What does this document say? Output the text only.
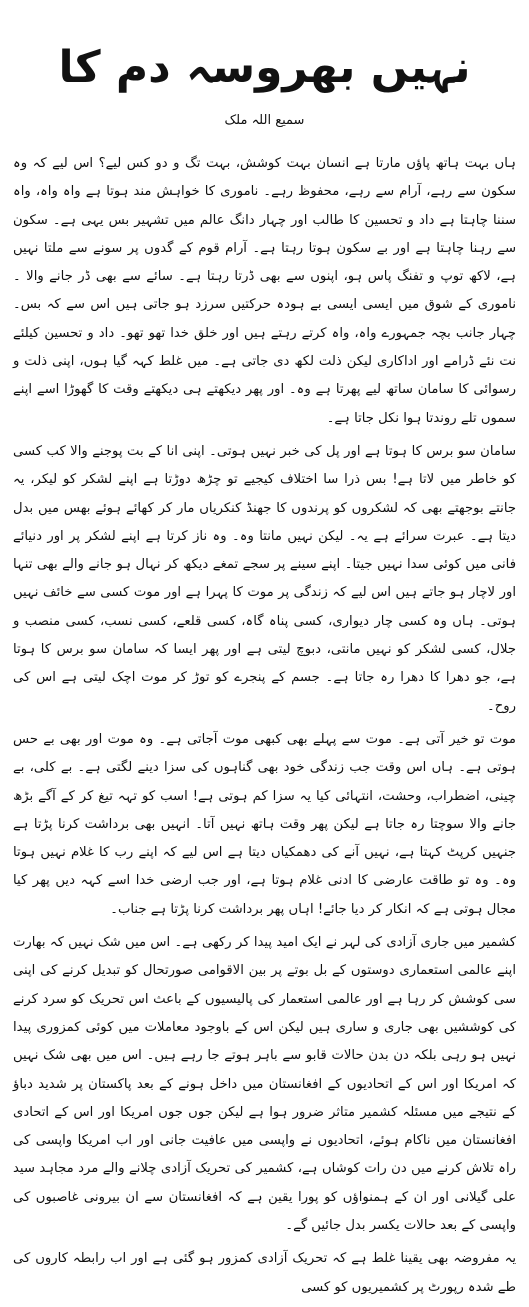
نہیں بھروسہ دم کا
سمیع اللہ ملک

ہاں بہت ہاتھ پاؤں مارتا ہے انسان بہت کوشش، بہت تگ و دو کس لیے؟ اس لیے کہ وہ سکون سے رہے، آرام سے رہے، محفوظ رہے۔ ناموری کا خواہش مند ہوتا ہے واہ واہ، واہ سننا چاہتا ہے داد و تحسین کا طالب اور چہار دانگ عالم میں تشہیر بس یہی ہے۔ سکون سے رہنا چاہتا ہے اور بے سکون ہوتا رہتا ہے۔ آرام قوم کے گدوں پر سونے سے ملتا نہیں ہے، لاکھ توپ و تفنگ پاس ہو، اپنوں سے بھی ڈرتا رہتا ہے۔ سائے سے بھی ڈر جانے والا ۔ ناموری کے شوق میں ایسی ایسی بے ہودہ حرکتیں سرزد ہو جاتی ہیں اس سے کہ بس۔ چہار جانب بچہ جمہورے واہ، واہ کرتے رہتے ہیں اور خلق خدا تھو تھو۔ داد و تحسین کیلئے نت نئے ڈرامے اور اداکاری لیکن ذلت لکھ دی جاتی ہے۔ میں غلط کہہ گیا ہوں، اپنی ذلت و رسوائی کا سامان ساتھ لیے پھرتا ہے وہ۔ اور پھر دیکھتے ہی دیکھتے وقت کا گھوڑا اسے اپنے سموں تلے روندتا ہوا نکل جاتا ہے۔

سامان سو برس کا ہوتا ہے اور پل کی خبر نہیں ہوتی۔ اپنی انا کے بت پوجنے والا کب کسی کو خاطر میں لاتا ہے! بس ذرا سا اختلاف کیجیے تو چڑھ دوڑتا ہے اپنے لشکر کو لیکر، یہ جانتے بوجھتے بھی کہ لشکروں کو پرندوں کا جھنڈ کنکریاں مار کر کھائے ہوئے بھس میں بدل دیتا ہے۔ عبرت سرائے ہے یہ۔ لیکن نہیں مانتا وہ۔ وہ ناز کرتا ہے اپنے لشکر پر اور دنیائے فانی میں کوئی سدا نہیں جیتا۔ اپنے سینے پر سجے تمغے دیکھ کر نہال ہو جانے والے بھی تنہا اور لاچار ہو جاتے ہیں اس لیے کہ زندگی پر موت کا پہرا ہے اور موت کسی سے خائف نہیں ہوتی۔ ہاں وہ کسی چار دیواری، کسی پناہ گاہ، کسی قلعے، کسی نسب، کسی منصب و جلال، کسی لشکر کو نہیں مانتی، دبوچ لیتی ہے اور پھر ایسا کہ سامان سو برس کا ہوتا ہے، جو دھرا کا دھرا رہ جاتا ہے۔ جسم کے پنجرے کو توڑ کر موت اچک لیتی ہے اس کی روح۔

موت تو خیر آتی ہے۔ موت سے پہلے بھی کبھی موت آجاتی ہے۔ وہ موت اور بھی بے حس ہوتی ہے۔ ہاں اس وقت جب زندگی خود بھی گناہوں کی سزا دینے لگتی ہے۔ بے کلی، بے چینی، اضطراب، وحشت، انتہائی کیا یہ سزا کم ہوتی ہے! اسب کو تہہ تیغ کر کے آگے بڑھ جانے والا سوچتا رہ جاتا ہے لیکن پھر وقت ہاتھ نہیں آتا۔ انہیں بھی برداشت کرنا پڑتا ہے جنہیں کرپٹ کہتا ہے، نہیں آنے کی دھمکیاں دیتا ہے اس لیے کہ اپنے رب کا غلام نہیں ہوتا وہ۔ وہ تو طاقت عارضی کا ادنی غلام ہوتا ہے، اور جب ارضی خدا اسے کہہ دیں پھر کیا مجال ہوتی ہے کہ انکار کر دیا جائے! اہاں پھر برداشت کرنا پڑتا ہے جناب۔

کشمیر میں جاری آزادی کی لہر نے ایک امید پیدا کر رکھی ہے۔ اس میں شک نہیں کہ بھارت اپنے عالمی استعماری دوستوں کے بل بوتے پر بین الاقوامی صورتحال کو تبدیل کرنے کی اپنی سی کوشش کر رہا ہے اور عالمی استعمار کی پالیسیوں کے باعث اس تحریک کو سرد کرنے کی کوششیں بھی جاری و ساری ہیں لیکن اس کے باوجود معاملات میں کوئی کمزوری پیدا نہیں ہو رہی بلکہ دن بدن حالات قابو سے باہر ہوتے جا رہے ہیں۔ اس میں بھی شک نہیں کہ امریکا اور اس کے اتحادیوں کے افغانستان میں داخل ہونے کے بعد پاکستان پر شدید دباؤ کے نتیجے میں مسئلہ کشمیر متاثر ضرور ہوا ہے لیکن جوں جوں امریکا اور اس کے اتحادی افغانستان میں ناکام ہوئے، اتحادیوں نے واپسی میں عافیت جانی اور اب امریکا واپسی کی راہ تلاش کرنے میں دن رات کوشاں ہے، کشمیر کی تحریک آزادی چلانے والے مرد مجاہد سید علی گیلانی اور ان کے ہمنواؤں کو پورا یقین ہے کہ افغانستان سے ان بیرونی غاصبوں کی واپسی کے بعد حالات یکسر بدل جائیں گے۔

یہ مفروضہ بھی یقینا غلط ہے کہ تحریک آزادی کمزور ہو گئی ہے اور اب رابطہ کاروں کی طے شدہ رپورٹ پر کشمیریوں کو کسی
